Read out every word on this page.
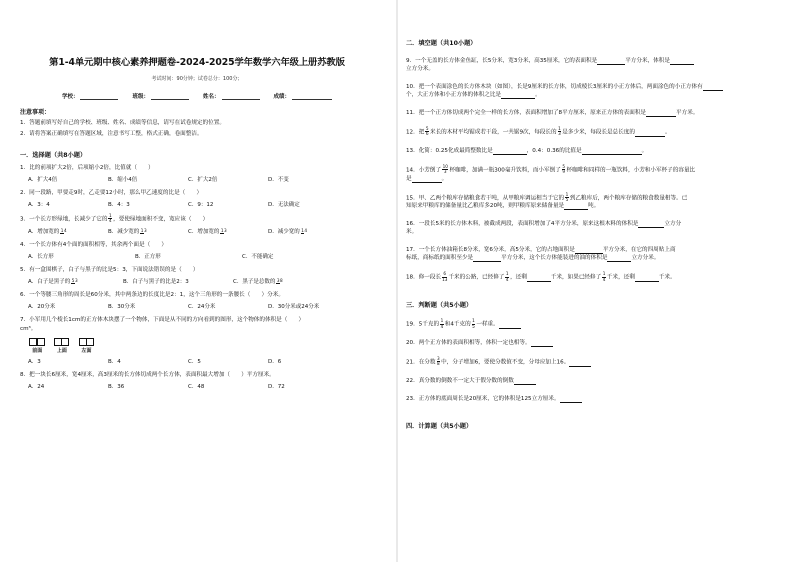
第1-4单元期中核心素养押题卷-2024-2025学年数学六年级上册苏教版
考试时间：90分钟；试卷总分：100分；
学校：	班级：	姓名：	成绩：
注意事项：
1．答题前填写好自己的学校、班级、姓名、成绩等信息，请写在试卷规定的位置。
2．请将答案正确填写在答题区域，注意书写工整，格式正确，卷面整洁。
一．选择题（共8小题）
1．比的前项扩大2倍，后项缩小2倍，比值就（　　）
A．扩大4倍	B．缩小4倍	C．扩大2倍	D．不变
2．同一段路，甲要走9时，乙走要12小时，那么甲乙速度的比是（　　）
A．3：4	B．4：3	C．9：12	D．无法确定
3．一个长方形绿地，长减少了它的 $\frac{1}{4}$ ，要使绿地面积不变，宽应该（　　）
A．增加宽的 14	B．减少宽的 13	C．增加宽的 13	D．减少宽的 14
4．一个长方体有4个面的面积相等，其余两个面是（　　）
A．长方形	B．正方形	C．不能确定
5．有一盒围棋子，白子与黑子的比是5：3，下面说法错误的是（　　）
A．白子是黑子的 53	B．白子与黑子的比是2：3	C．黑子是总数的 38
6．一个等腰三角形的周长是60分米，其中两条边的长度比是2：1，这个三角形的一条腰长（　　）分米。
A．20分米	B．30分米	C．24分米	D．30分米或24分米
7．小军用几个棱长1cm的正方体木块摆了一个物体，下面是从不同的方向看到的图形，这个物体的体积是（　　）
cm³。
前面	上面	左面
A．3	B．4	C．5	D．6
8．把一块长6厘米，宽4厘米，高3厘米的长方体切成两个长方体，表面积最大增加（　　）平方厘米。
A．24	B．36	C．48	D．72
二．填空题（共10小题）
9．一个无盖的长方体金鱼缸，长5分米，宽3分米，高35厘米，它的表面积是	平方分米，体积是
立方分米。
10．把一个表面涂色的长方体木块（如图），长是9厘米的长方体，切成棱长3厘米的小正方体后，两面涂色的小正方体有
个，大正方体和小正方体的体积之比是	。
11．把一个正方体切成两个完全一样的长方体，表面积增加了8平方厘米，原来正方体的表面积是	平方米。
12．把 $\frac{5}{6}$ 米长的木材平均锯成若干段，一共锯9次，每段长的 $\frac{1}{3}$ 是多少米，每段长是总长度的	。
13．化简：0.25化成最简整数比是	，0.4：0.36的比值是	。
14．小芳倒了 $\frac{10}{3}$ 杯咖啡，加满一瓶300毫升饮料，而小军倒了 $\frac{5}{9}$ 杯咖啡和同样的一瓶饮料，小芳和小军杯子的容量比
是	。
15．甲、乙两个粮库存储粮食若干吨，从甲粮库调运相当于它的 $\frac{1}{5}$ 到乙粮库后，两个粮库存储的粮食数量相等。已
知原来甲粮库的储备量比乙粮库多20吨，则甲粮库原来储备量是	吨。
16．一段长5米的长方体木料，被截成两段，表面积增加了4平方分米，原来这根木料的体积是	立方分
米。
17．一个长方体油箱长8分米，宽6分米，高5分米，它的占地面积是	平方分米，在它的四周贴上商
标纸，商标纸的面积至少是	平方分米，这个长方体能装进的油的体积是	立方分米。
18．修一段长 $\frac{6}{13}$ 千米的公路，已经修了 $\frac{1}{4}$ ，还剩	千米，如果已经修了 $\frac{1}{4}$ 千米，还剩	千米。
三．判断题（共5小题）
19．5千克的 $\frac{1}{4}$ 和4千克的 $\frac{1}{5}$ 一样重。
20．两个正方体的表面积相等，体积一定也相等。
21．在分数 $\frac{3}{8}$ 中，分子增加6，要使分数值不变，分母应加上16。
22．真分数的倒数不一定大于假分数的倒数
23．正方体的底面周长是20厘米，它的体积是125立方厘米。
四．计算题（共5小题）
